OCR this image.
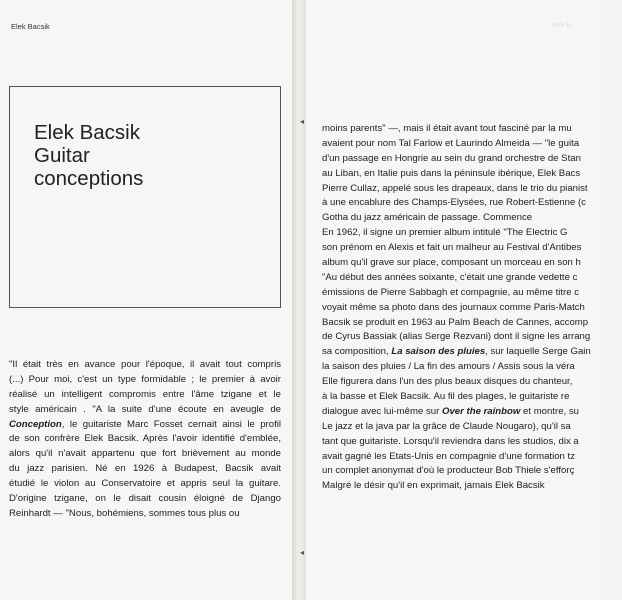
Elek Bacsik
Elek Bacsik
Guitar
conceptions
"Il était très en avance pour l'époque, il avait tout compris
(...) Pour moi, c'est un type formidable ; le premier à avoir
réalisé un intelligent compromis entre l'âme tzigane et le
style américain . "A la suite d'une écoute en aveugle de
Conception, le guitariste Marc Fosset cernait ainsi le profil
de son confrère Elek Bacsik. Après l'avoir identifié d'emblée,
alors qu'il n'avait appartenu que fort brièvement au monde
du jazz parisien. Né en 1926 à Budapest, Bacsik avait
étudié le violon au Conservatoire et appris seul la guitare.
D'origine tzigane, on le disait cousin éloigné de Django
Reinhardt — "Nous, bohémiens, sommes tous plus ou
elek b
◂
◂
moins parents" —, mais il était avant tout fasciné par la mu
avaient pour nom Tal Farlow et Laurindo Almeida — "le guita
d'un passage en Hongrie au sein du grand orchestre de Stan
au Liban, en Italie puis dans la péninsule ibérique, Elek Bacs
Pierre Cullaz, appelé sous les drapeaux, dans le trio du pianist
à une encablure des Champs-Elysées, rue Robert-Estienne (c
Gotha du jazz américain de passage. Commence
En 1962, il signe un premier album intitulé "The Electric G
son prénom en Alexis et fait un malheur au Festival d'Antibes
album qu'il grave sur place, composant un morceau en son h
"Au début des années soixante, c'était une grande vedette c
émissions de Pierre Sabbagh et compagnie, au même titre c
voyait même sa photo dans des journaux comme Paris-Match
Bacsik se produit en 1963 au Palm Beach de Cannes, accomp
de Cyrus Bassiak (alias Serge Rezvani) dont il signe les arrang
sa composition, La saison des pluies, sur laquelle Serge Gain
la saison des pluies / La fin des amours / Assis sous la véra
Elle figurera dans l'un des plus beaux disques du chanteur,
à la basse et Elek Bacsik. Au fil des plages, le guitariste re
dialogue avec lui-même sur Over the rainbow et montre, su
Le jazz et la java par la grâce de Claude Nougaro), qu'il sa
tant que guitariste. Lorsqu'il reviendra dans les studios, dix a
avait gagné les Etats-Unis en compagnie d'une formation tz
un complet anonymat d'où le producteur Bob Thiele s'efforç
Malgré le désir qu'il en exprimait, jamais Elek Bacsik
